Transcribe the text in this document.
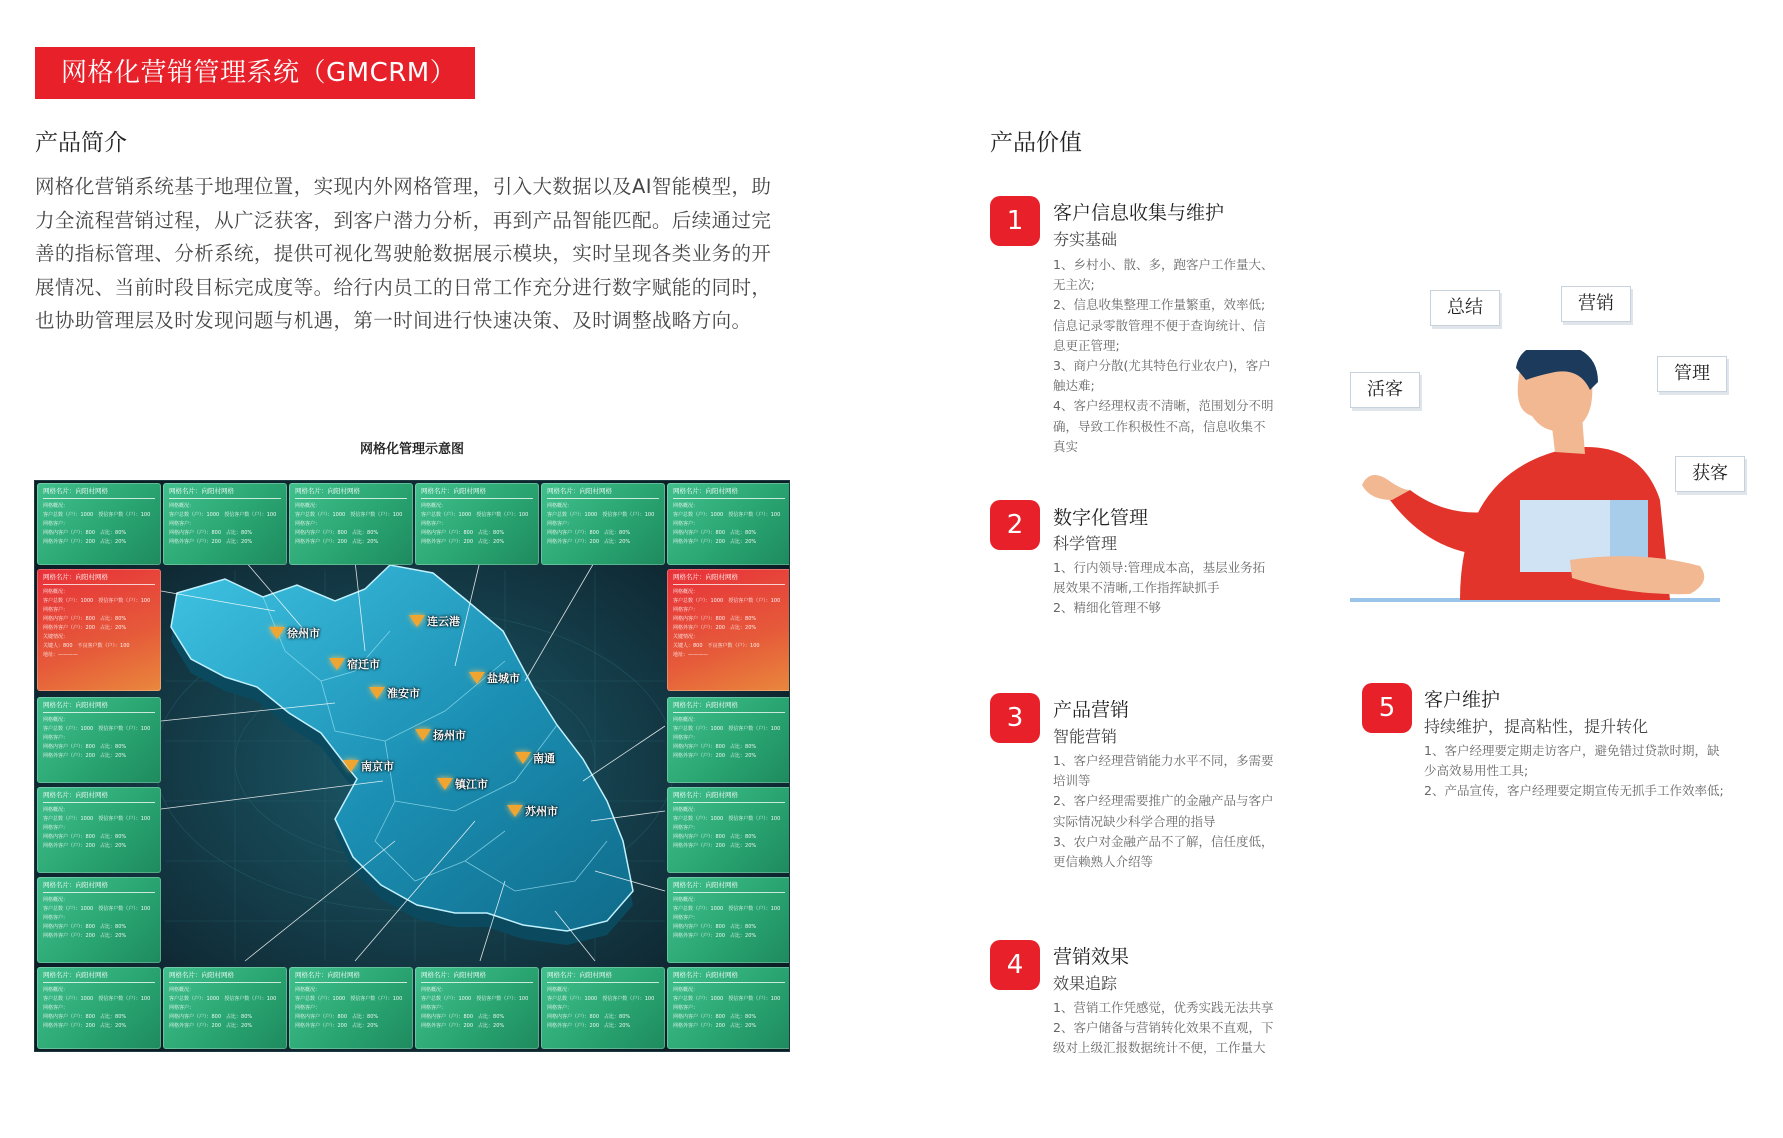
网格化营销管理系统（GMCRM）
产品简介
网格化营销系统基于地理位置，实现内外网格管理，引入大数据以及AI智能模型，助力全流程营销过程，从广泛获客，到客户潜力分析，再到产品智能匹配。后续通过完善的指标管理、分析系统，提供可视化驾驶舱数据展示模块，实时呈现各类业务的开展情况、当前时段目标完成度等。给行内员工的日常工作充分进行数字赋能的同时，也协助管理层及时发现问题与机遇，第一时间进行快速决策、及时调整战略方向。
网格化管理示意图
网格名片：向阳村网格
网格概况：
客户总数（户）：1000　授信客户数（户）：100
网格客户：
网格内客户（户）：800　占比：80%
网格外客户（户）：200　占比：20%
网格名片：向阳村网格
网格概况：
客户总数（户）：1000　授信客户数（户）：100
网格客户：
网格内客户（户）：800　占比：80%
网格外客户（户）：200　占比：20%
网格名片：向阳村网格
网格概况：
客户总数（户）：1000　授信客户数（户）：100
网格客户：
网格内客户（户）：800　占比：80%
网格外客户（户）：200　占比：20%
网格名片：向阳村网格
网格概况：
客户总数（户）：1000　授信客户数（户）：100
网格客户：
网格内客户（户）：800　占比：80%
网格外客户（户）：200　占比：20%
网格名片：向阳村网格
网格概况：
客户总数（户）：1000　授信客户数（户）：100
网格客户：
网格内客户（户）：800　占比：80%
网格外客户（户）：200　占比：20%
网格名片：向阳村网格
网格概况：
客户总数（户）：1000　授信客户数（户）：100
网格客户：
网格内客户（户）：800　占比：80%
网格外客户（户）：200　占比：20%
网格名片：向阳村网格
网格概况：
客户总数（户）：1000　授信客户数（户）：100
网格客户：
网格内客户（户）：800　占比：80%
网格外客户（户）：200　占比：20%
关键情况：
关键人：800　不良客户数（户）：100
地址：————
网格名片：向阳村网格
网格概况：
客户总数（户）：1000　授信客户数（户）：100
网格客户：
网格内客户（户）：800　占比：80%
网格外客户（户）：200　占比：20%
网格名片：向阳村网格
网格概况：
客户总数（户）：1000　授信客户数（户）：100
网格客户：
网格内客户（户）：800　占比：80%
网格外客户（户）：200　占比：20%
网格名片：向阳村网格
网格概况：
客户总数（户）：1000　授信客户数（户）：100
网格客户：
网格内客户（户）：800　占比：80%
网格外客户（户）：200　占比：20%
网格名片：向阳村网格
网格概况：
客户总数（户）：1000　授信客户数（户）：100
网格客户：
网格内客户（户）：800　占比：80%
网格外客户（户）：200　占比：20%
关键情况：
关键人：800　不良客户数（户）：100
地址：————
网格名片：向阳村网格
网格概况：
客户总数（户）：1000　授信客户数（户）：100
网格客户：
网格内客户（户）：800　占比：80%
网格外客户（户）：200　占比：20%
网格名片：向阳村网格
网格概况：
客户总数（户）：1000　授信客户数（户）：100
网格客户：
网格内客户（户）：800　占比：80%
网格外客户（户）：200　占比：20%
网格名片：向阳村网格
网格概况：
客户总数（户）：1000　授信客户数（户）：100
网格客户：
网格内客户（户）：800　占比：80%
网格外客户（户）：200　占比：20%
网格名片：向阳村网格
网格概况：
客户总数（户）：1000　授信客户数（户）：100
网格客户：
网格内客户（户）：800　占比：80%
网格外客户（户）：200　占比：20%
网格名片：向阳村网格
网格概况：
客户总数（户）：1000　授信客户数（户）：100
网格客户：
网格内客户（户）：800　占比：80%
网格外客户（户）：200　占比：20%
网格名片：向阳村网格
网格概况：
客户总数（户）：1000　授信客户数（户）：100
网格客户：
网格内客户（户）：800　占比：80%
网格外客户（户）：200　占比：20%
网格名片：向阳村网格
网格概况：
客户总数（户）：1000　授信客户数（户）：100
网格客户：
网格内客户（户）：800　占比：80%
网格外客户（户）：200　占比：20%
网格名片：向阳村网格
网格概况：
客户总数（户）：1000　授信客户数（户）：100
网格客户：
网格内客户（户）：800　占比：80%
网格外客户（户）：200　占比：20%
网格名片：向阳村网格
网格概况：
客户总数（户）：1000　授信客户数（户）：100
网格客户：
网格内客户（户）：800　占比：80%
网格外客户（户）：200　占比：20%
连云港
徐州市
宿迁市
盐城市
淮安市
扬州市
南京市
南通
镇江市
苏州市
产品价值
1	客户信息收集与维护
夯实基础
1、乡村小、散、多，跑客户工作量大、
无主次;
2、信息收集整理工作量繁重，效率低;
信息记录零散管理不便于查询统计、信
息更正管理;
3、商户分散(尤其特色行业农户)，客户
触达难;
4、客户经理权责不清晰，范围划分不明
确，导致工作积极性不高，信息收集不
真实
2	数字化管理
科学管理
1、行内领导:管理成本高，基层业务拓
展效果不清晰,工作指挥缺抓手
2、精细化管理不够
3	产品营销
智能营销
1、客户经理营销能力水平不同，多需要
培训等
2、客户经理需要推广的金融产品与客户
实际情况缺少科学合理的指导
3、农户对金融产品不了解，信任度低，
更信赖熟人介绍等
4	营销效果
效果追踪
1、营销工作凭感觉，优秀实践无法共享
2、客户储备与营销转化效果不直观，下
级对上级汇报数据统计不便，工作量大
5	客户维护
持续维护，提高粘性，提升转化
1、客户经理要定期走访客户，避免错过贷款时期，缺
少高效易用性工具;
2、产品宣传，客户经理要定期宣传无抓手工作效率低;
总结	营销
活客
管理
获客
